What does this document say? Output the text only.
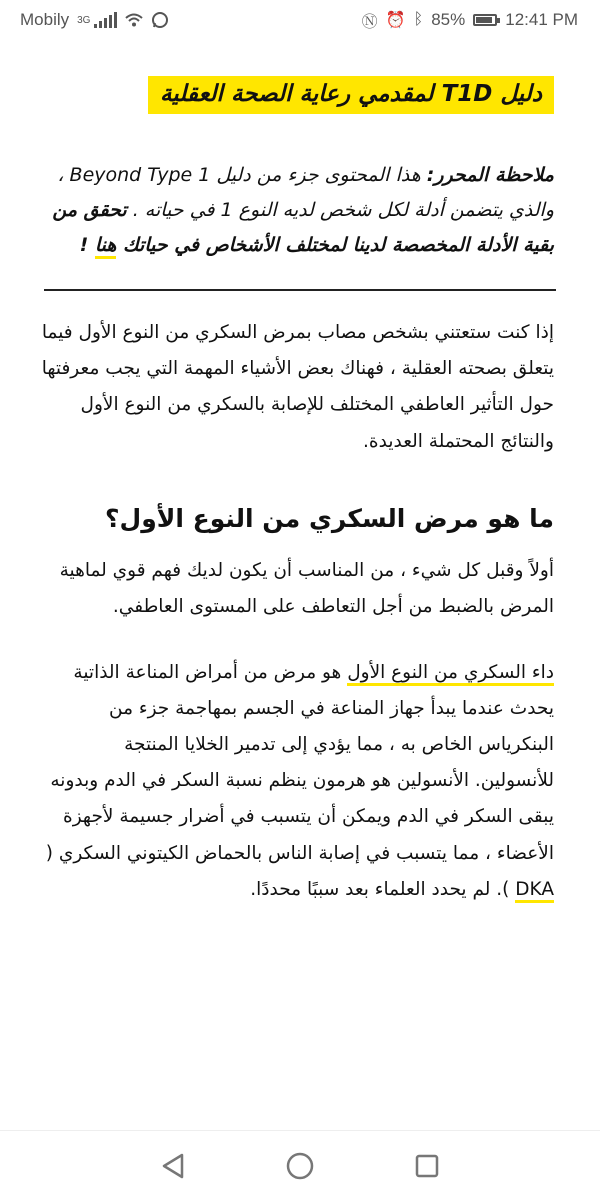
Mobily 3G	Ⓝ ⏰ ᛒ 85% 12:41 PM
دليل T1D لمقدمي رعاية الصحة العقلية

ملاحظة المحرر: هذا المحتوى جزء من دليل Beyond Type 1 ، والذي يتضمن أدلة لكل شخص لديه النوع 1 في حياته . تحقق من بقية الأدلة المخصصة لدينا لمختلف الأشخاص في حياتك هنا !

إذا كنت ستعتني بشخص مصاب بمرض السكري من النوع الأول فيما يتعلق بصحته العقلية ، فهناك بعض الأشياء المهمة التي يجب معرفتها حول التأثير العاطفي المختلف للإصابة بالسكري من النوع الأول والنتائج المحتملة العديدة.

ما هو مرض السكري من النوع الأول؟

أولاً وقبل كل شيء ، من المناسب أن يكون لديك فهم قوي لماهية المرض بالضبط من أجل التعاطف على المستوى العاطفي.

داء السكري من النوع الأول هو مرض من أمراض المناعة الذاتية يحدث عندما يبدأ جهاز المناعة في الجسم بمهاجمة جزء من البنكرياس الخاص به ، مما يؤدي إلى تدمير الخلايا المنتجة للأنسولين. الأنسولين هو هرمون ينظم نسبة السكر في الدم وبدونه يبقى السكر في الدم ويمكن أن يتسبب في أضرار جسيمة لأجهزة الأعضاء ، مما يتسبب في إصابة الناس بالحماض الكيتوني السكري ( DKA ). لم يحدد العلماء بعد سببًا محددًا.
